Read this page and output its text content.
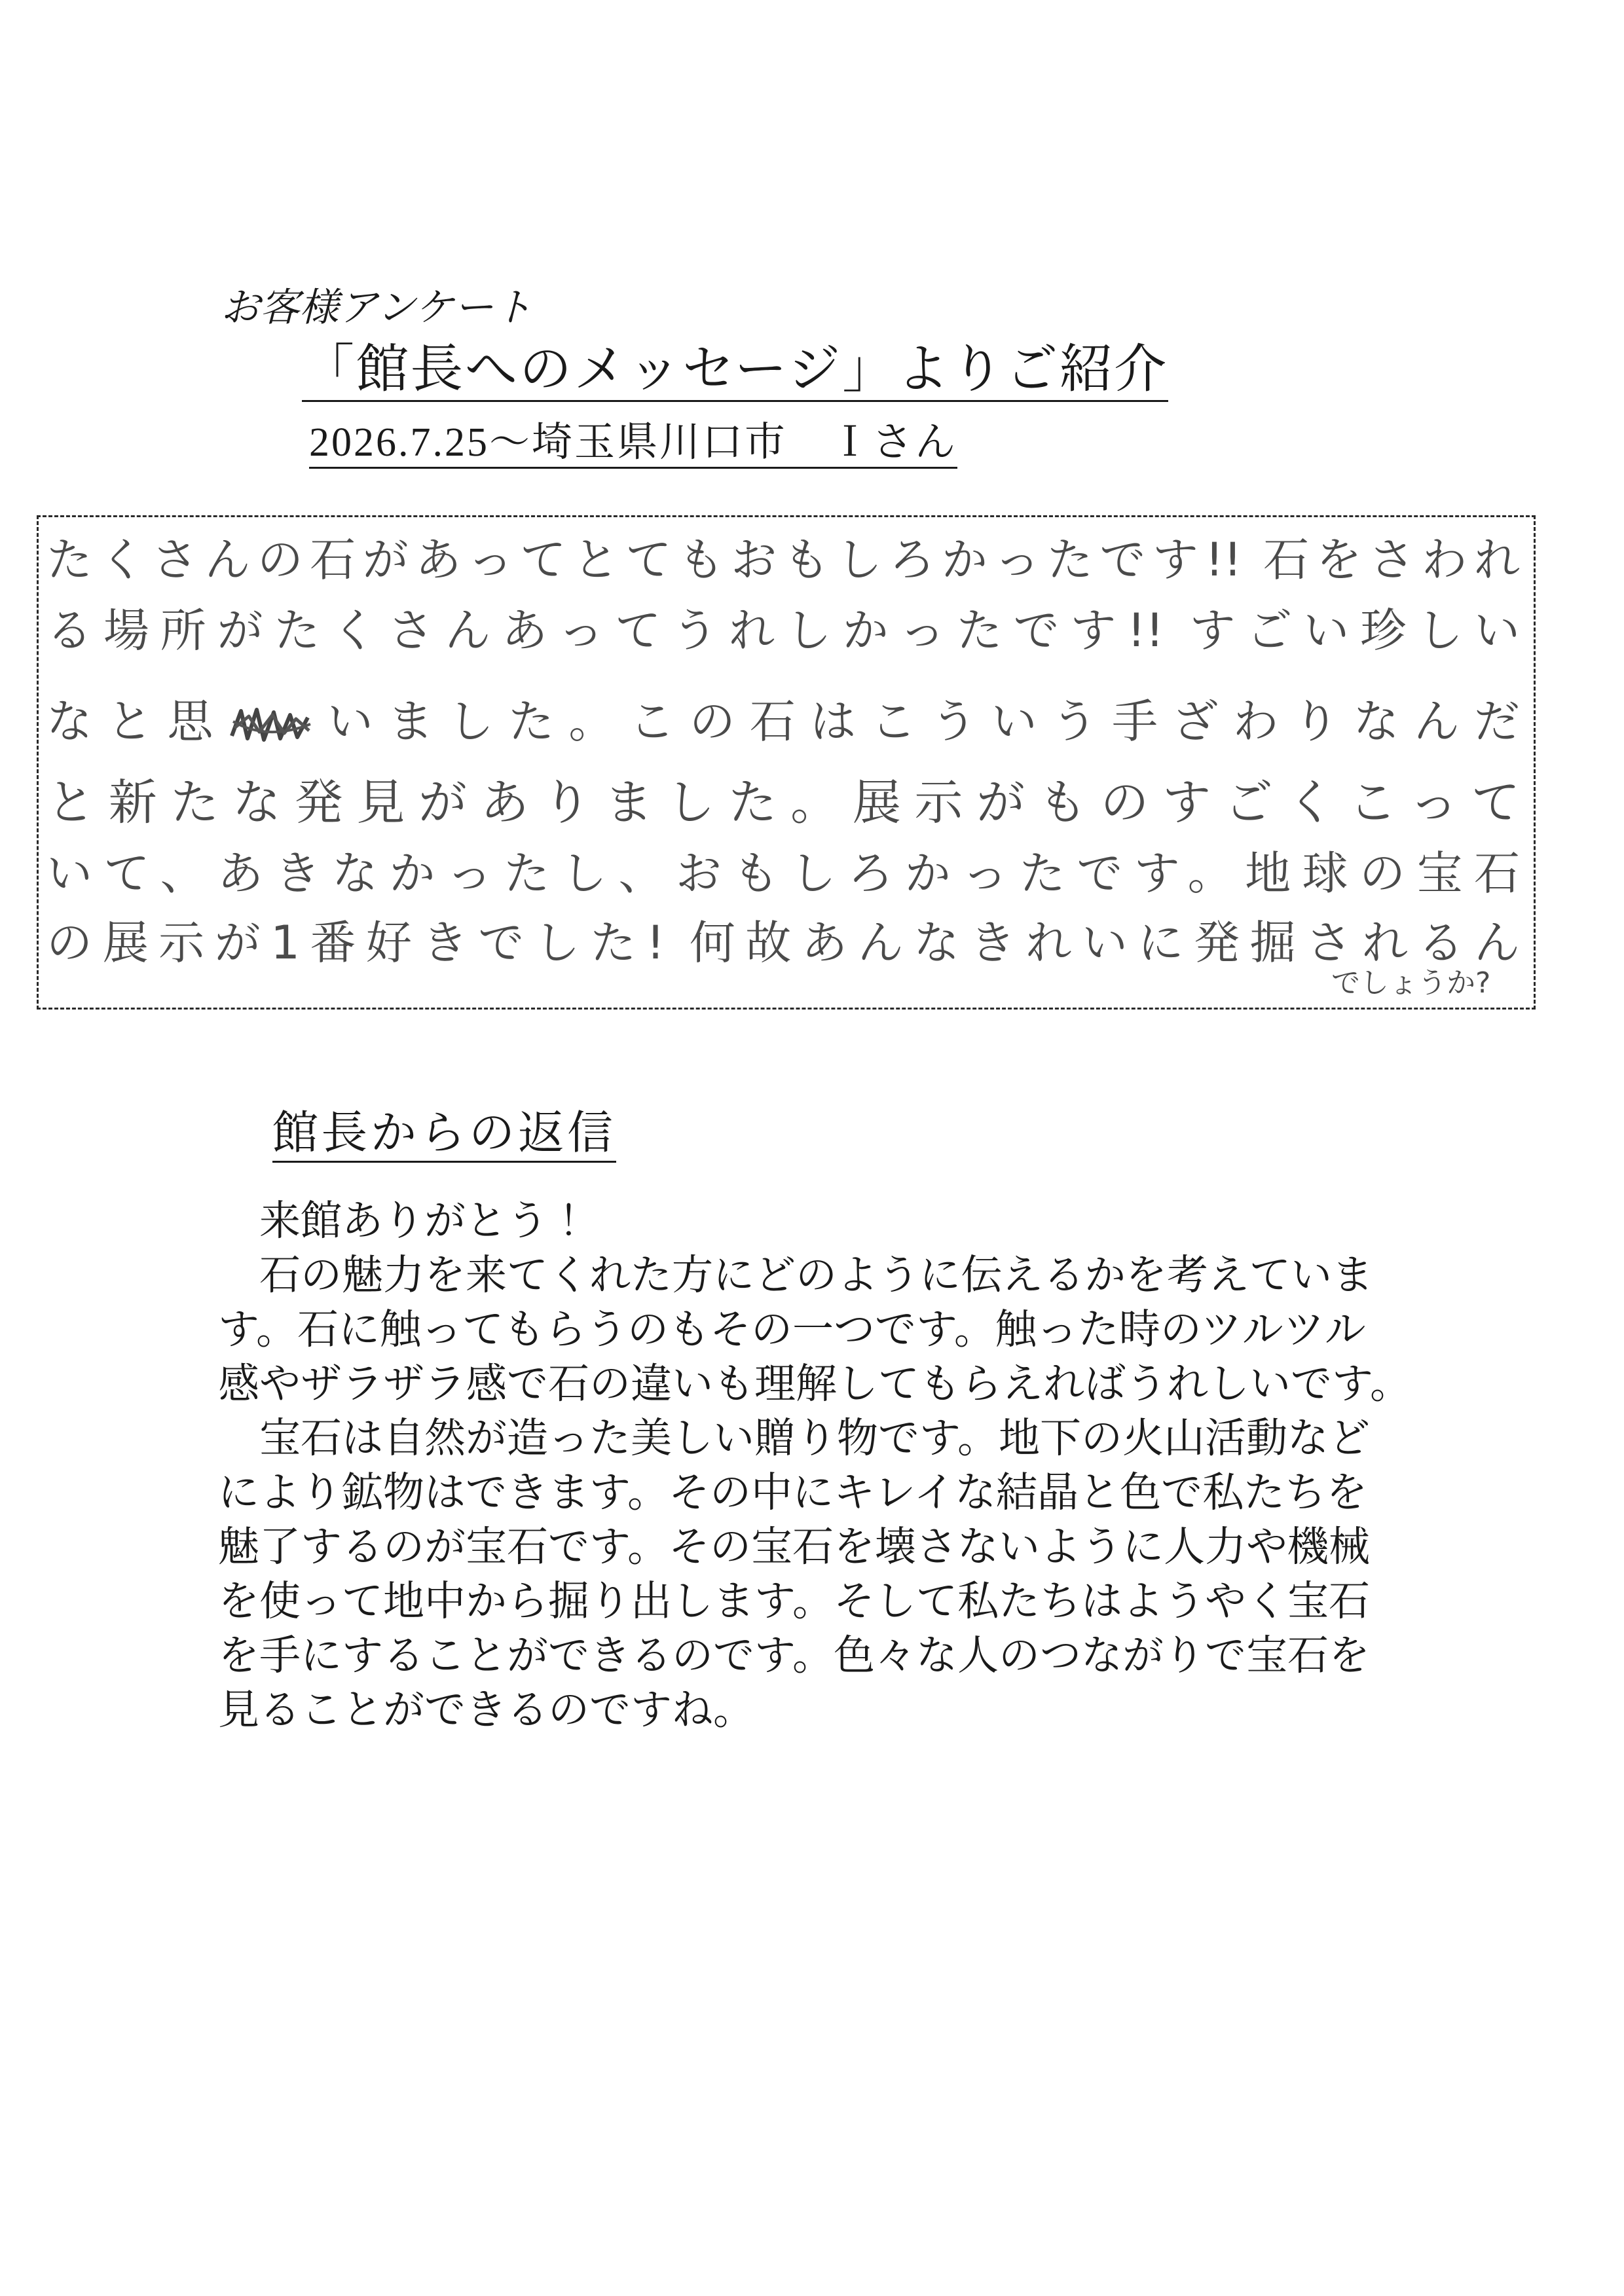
お客様アンケート
「館長へのメッセージ」よりご紹介
2026.7.25～埼玉県川口市　Ｉさん
たくさんの石があってとてもおもしろかったです!! 石をさわれ
る場所がたくさんあってうれしかったです!! すごい珍しい
なと思 いました。この石はこういう手ざわりなんだ
と新たな発見がありました。展示がものすごくこって
いて、あきなかったし、おもしろかったです。地球の宝石
の展示が1番好きでした! 何故あんなきれいに発掘されるん
でしょうか?
館長からの返信
来館ありがとう！
石の魅力を来てくれた方にどのように伝えるかを考えていま
す。石に触ってもらうのもその一つです。触った時のツルツル
感やザラザラ感で石の違いも理解してもらえればうれしいです。
宝石は自然が造った美しい贈り物です。地下の火山活動など
により鉱物はできます。その中にキレイな結晶と色で私たちを
魅了するのが宝石です。その宝石を壊さないように人力や機械
を使って地中から掘り出します。そして私たちはようやく宝石
を手にすることができるのです。色々な人のつながりで宝石を
見ることができるのですね。
